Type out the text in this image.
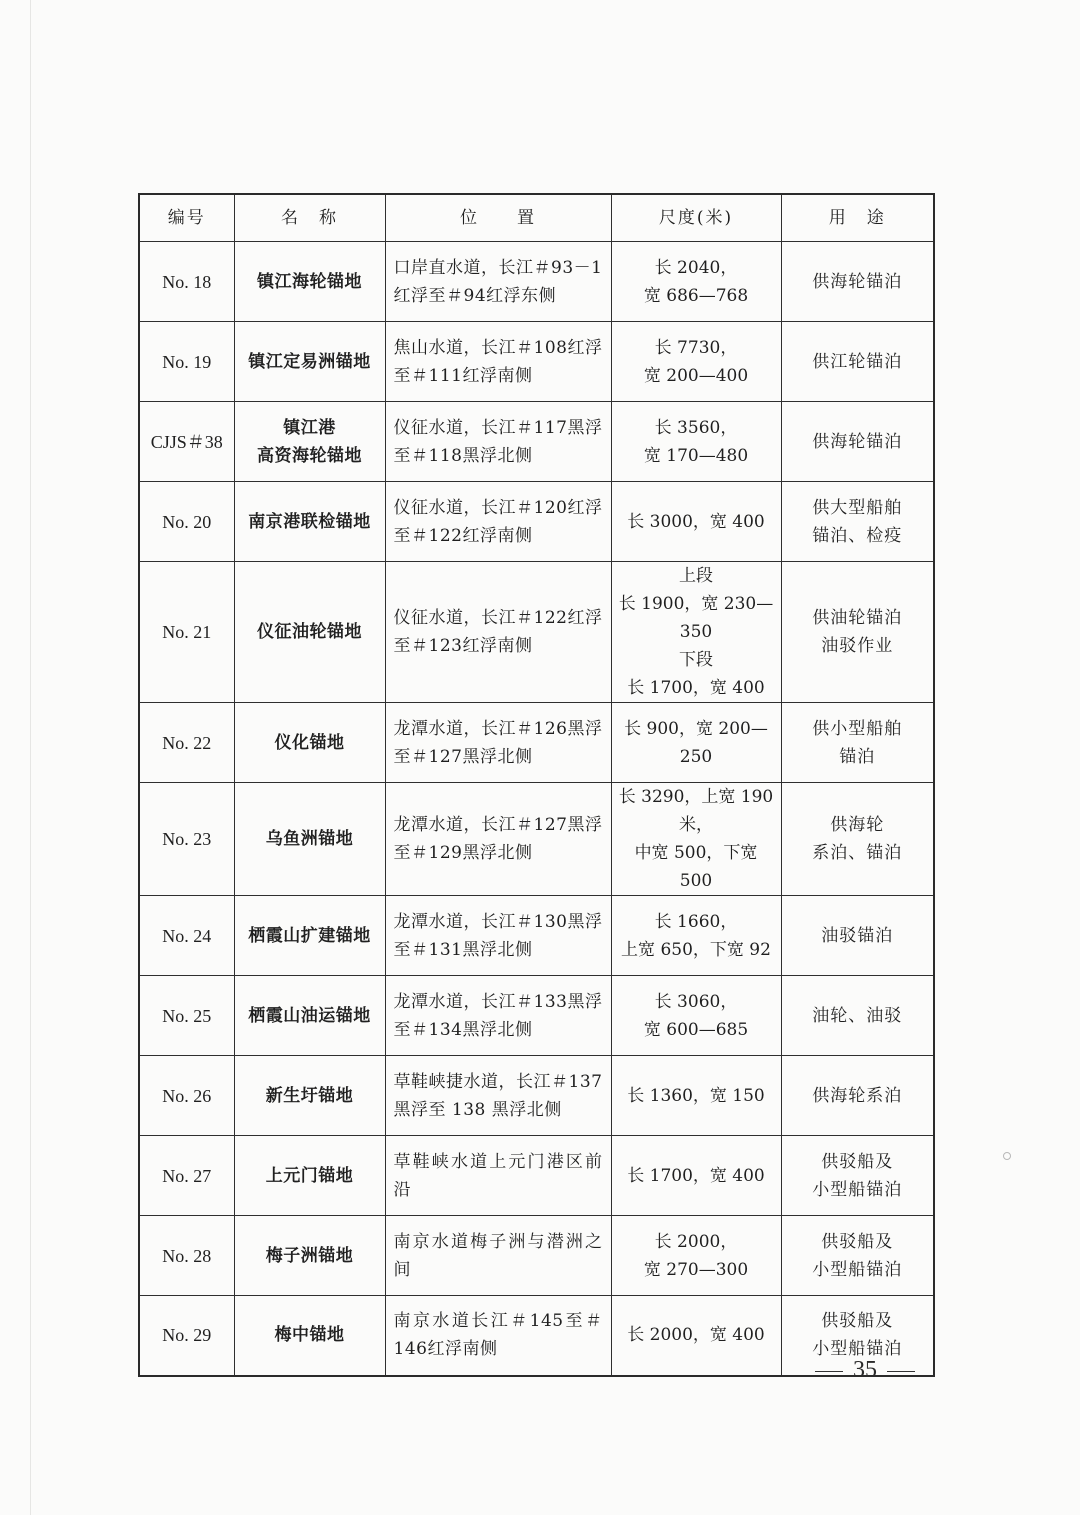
编号	名　称	位　　置	尺度(米)	用　途
No. 18	镇江海轮锚地	口岸直水道，长江＃93－1红浮至＃94红浮东侧	长 2040，
宽 686—768	供海轮锚泊

No. 19	镇江定易洲锚地	焦山水道，长江＃108红浮至＃111红浮南侧	长 7730，
宽 200—400	供江轮锚泊

CJJS＃38	镇江港
高资海轮锚地	仪征水道，长江＃117黑浮至＃118黑浮北侧	长 3560，
宽 170—480	供海轮锚泊

No. 20	南京港联检锚地	仪征水道，长江＃120红浮至＃122红浮南侧	长 3000，宽 400	供大型船舶
锚泊、检疫

No. 21	仪征油轮锚地	仪征水道，长江＃122红浮至＃123红浮南侧	上段
长 1900，宽 230—350
下段
长 1700，宽 400	供油轮锚泊
油驳作业

No. 22	仪化锚地	龙潭水道，长江＃126黑浮至＃127黑浮北侧	长 900，宽 200—250	供小型船舶
锚泊

No. 23	乌鱼洲锚地	龙潭水道，长江＃127黑浮至＃129黑浮北侧	长 3290，上宽 190 米，
中宽 500，下宽 500	供海轮
系泊、锚泊

No. 24	栖霞山扩建锚地	龙潭水道，长江＃130黑浮至＃131黑浮北侧	长 1660，
上宽 650，下宽 92	油驳锚泊

No. 25	栖霞山油运锚地	龙潭水道，长江＃133黑浮至＃134黑浮北侧	长 3060，
宽 600—685	油轮、油驳

No. 26	新生圩锚地	草鞋峡捷水道，长江＃137黑浮至 138 黑浮北侧	长 1360，宽 150	供海轮系泊

No. 27	上元门锚地	草鞋峡水道上元门港区前沿	长 1700，宽 400	供驳船及
小型船锚泊

No. 28	梅子洲锚地	南京水道梅子洲与潜洲之间	长 2000，
宽 270—300	供驳船及
小型船锚泊

No. 29	梅中锚地	南京水道长江＃145至＃146红浮南侧	长 2000，宽 400	供驳船及
小型船锚泊
35
